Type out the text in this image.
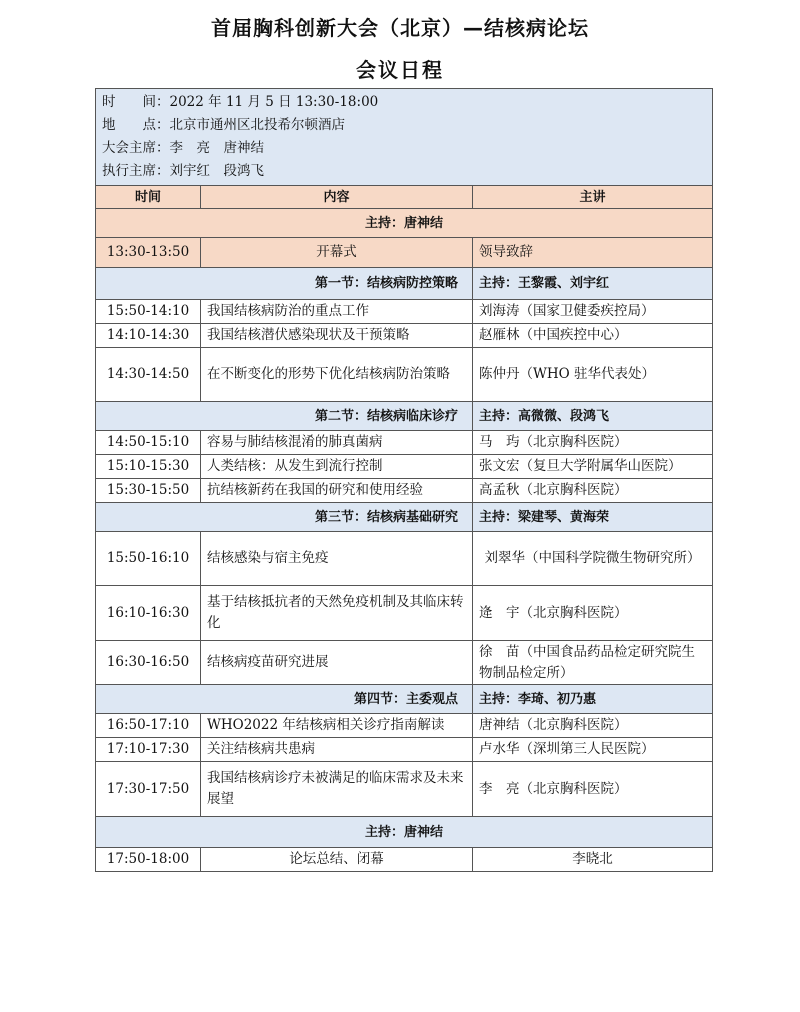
首届胸科创新大会（北京）—结核病论坛
会议日程
时　　间：2022 年 11 月 5 日 13:30-18:00
地　　点：北京市通州区北投希尔顿酒店
大会主席：李　亮　唐神结
执行主席：刘宇红　段鸿飞		

时间	内容	主讲
主持：唐神结		
13:30-13:50	开幕式	领导致辞
第一节：结核病防控策略		主持：王黎霞、刘宇红
15:50-14:10	我国结核病防治的重点工作	刘海涛（国家卫健委疾控局）
14:10-14:30	我国结核潜伏感染现状及干预策略	赵雁林（中国疾控中心）
14:30-14:50	在不断变化的形势下优化结核病防治策略	陈仲丹（WHO 驻华代表处）
第二节：结核病临床诊疗		主持：高微微、段鸿飞
14:50-15:10	容易与肺结核混淆的肺真菌病	马　玙（北京胸科医院）
15:10-15:30	人类结核：从发生到流行控制	张文宏（复旦大学附属华山医院）
15:30-15:50	抗结核新药在我国的研究和使用经验	高孟秋（北京胸科医院）
第三节：结核病基础研究		主持：梁建琴、黄海荣
15:50-16:10	结核感染与宿主免疫	刘翠华（中国科学院微生物研究所）
16:10-16:30	基于结核抵抗者的天然免疫机制及其临床转化	逄　宇（北京胸科医院）
16:30-16:50	结核病疫苗研究进展	徐　苗（中国食品药品检定研究院生物制品检定所）
第四节：主委观点		主持：李琦、初乃惠
16:50-17:10	WHO2022 年结核病相关诊疗指南解读	唐神结（北京胸科医院）
17:10-17:30	关注结核病共患病	卢水华（深圳第三人民医院）
17:30-17:50	我国结核病诊疗未被满足的临床需求及未来展望	李　亮（北京胸科医院）
主持：唐神结		
17:50-18:00	论坛总结、闭幕	李晓北
